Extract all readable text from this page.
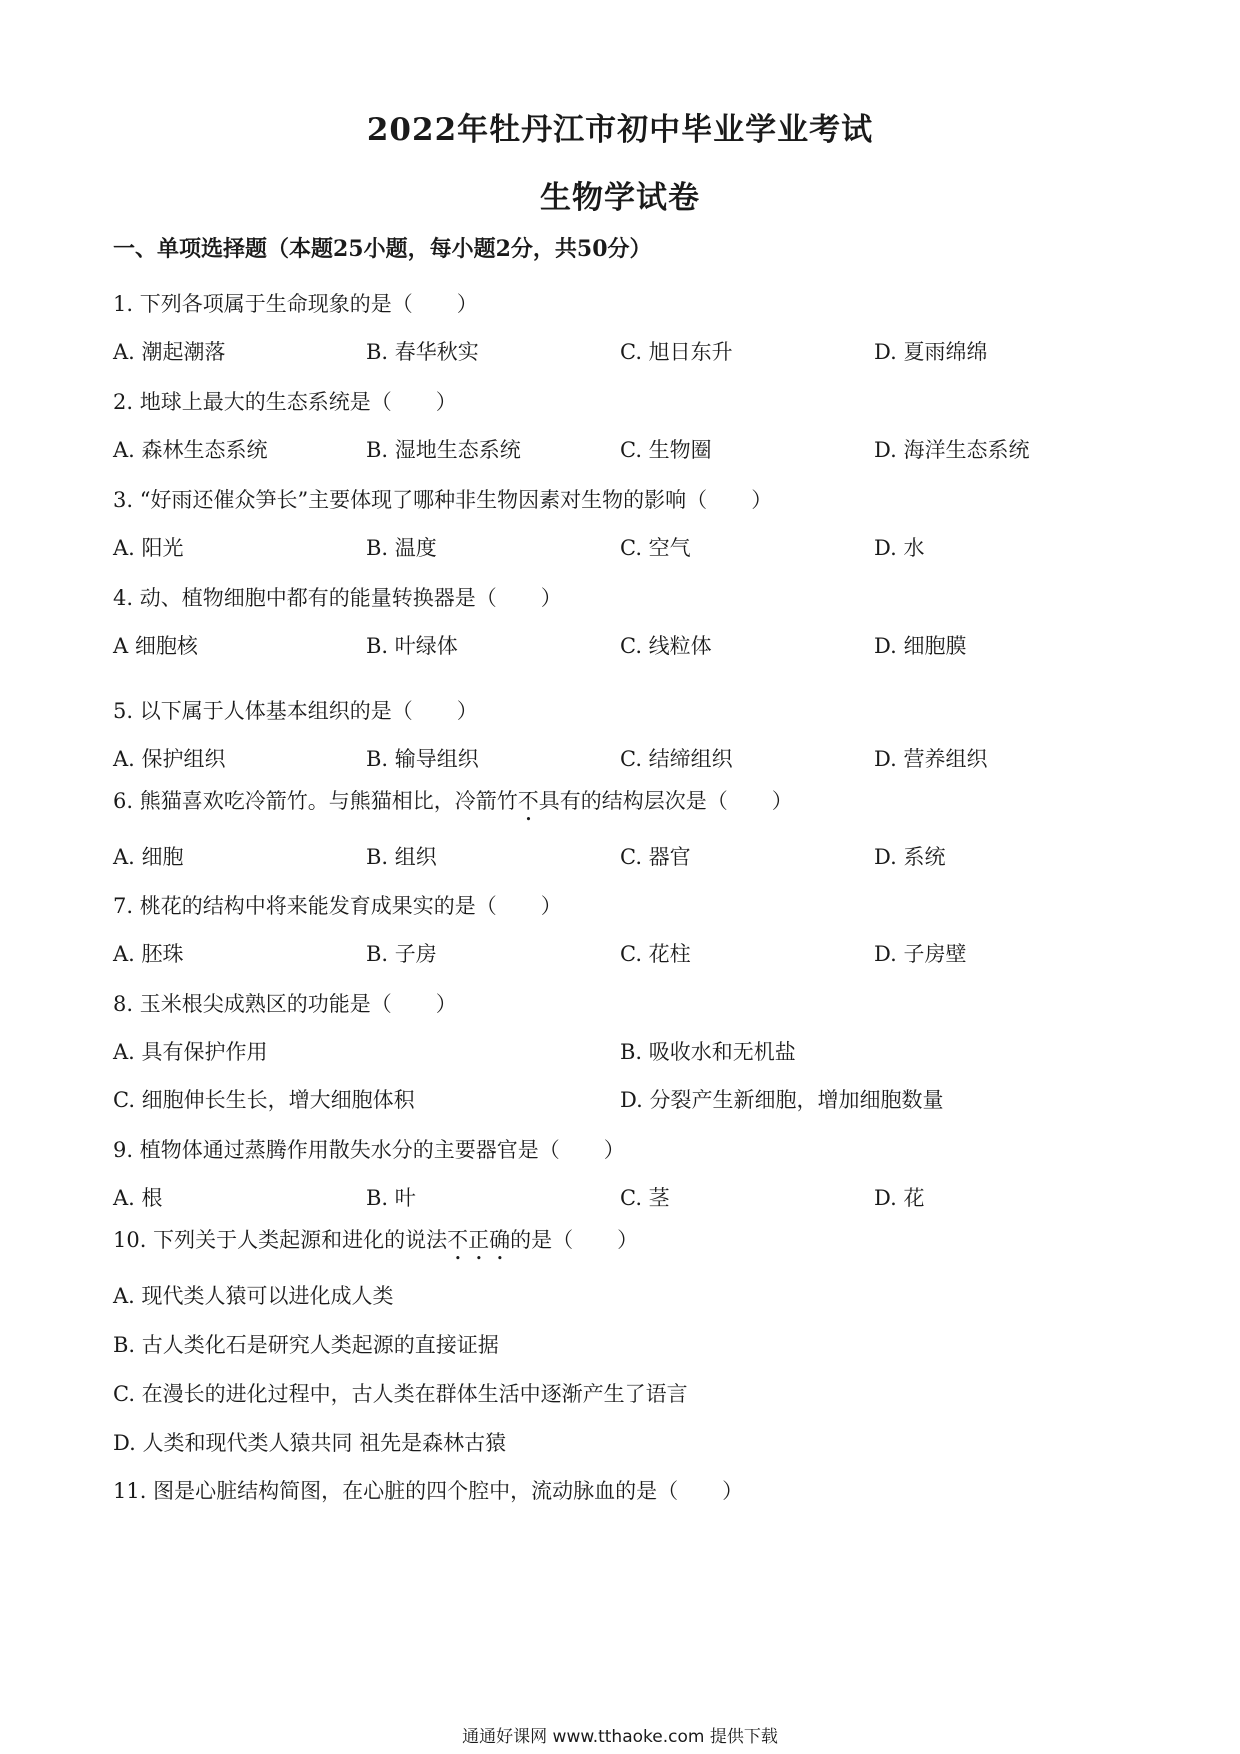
2022年牡丹江市初中毕业学业考试
生物学试卷
一、单项选择题（本题25小题，每小题2分，共50分）
1. 下列各项属于生命现象的是（ ）
A. 潮起潮落	B. 春华秋实	C. 旭日东升	D. 夏雨绵绵
2. 地球上最大的生态系统是（ ）
A. 森林生态系统	B. 湿地生态系统	C. 生物圈	D. 海洋生态系统
3. “好雨还催众笋长”主要体现了哪种非生物因素对生物的影响（ ）
A. 阳光	B. 温度	C. 空气	D. 水
4. 动、植物细胞中都有的能量转换器是（ ）
A 细胞核	B. 叶绿体	C. 线粒体	D. 细胞膜
5. 以下属于人体基本组织的是（ ）
A. 保护组织	B. 输导组织	C. 结缔组织	D. 营养组织
6. 熊猫喜欢吃冷箭竹。与熊猫相比，冷箭竹不具有的结构层次是（ ）
A. 细胞	B. 组织	C. 器官	D. 系统
7. 桃花的结构中将来能发育成果实的是（ ）
A. 胚珠	B. 子房	C. 花柱	D. 子房壁
8. 玉米根尖成熟区的功能是（ ）
A. 具有保护作用	B. 吸收水和无机盐
C. 细胞伸长生长，增大细胞体积	D. 分裂产生新细胞，增加细胞数量
9. 植物体通过蒸腾作用散失水分的主要器官是（ ）
A. 根	B. 叶	C. 茎	D. 花
10. 下列关于人类起源和进化的说法不正确的是（ ）
A. 现代类人猿可以进化成人类
B. 古人类化石是研究人类起源的直接证据
C. 在漫长的进化过程中，古人类在群体生活中逐渐产生了语言
D. 人类和现代类人猿共同 祖先是森林古猿
11. 图是心脏结构简图，在心脏的四个腔中，流动脉血的是（ ）
通通好课网 www.tthaoke.com 提供下载
